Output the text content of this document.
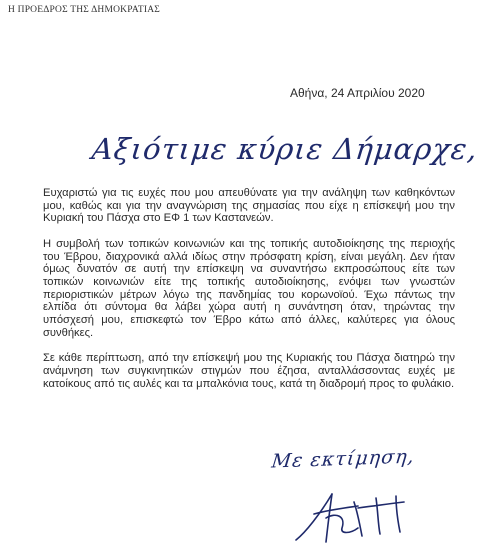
Η ΠΡΟΕΔΡΟΣ ΤΗΣ ΔΗΜΟΚΡΑΤΙΑΣ
Αθήνα, 24 Απριλίου 2020
Αξιότιμε κύριε Δήμαρχε,

Ευχαριστώ για τις ευχές που μου απευθύνατε για την ανάληψη των καθηκόντων μου, καθώς και για την αναγνώριση της σημασίας που είχε η επίσκεψή μου την Κυριακή του Πάσχα στο ΕΦ 1 των Καστανεών.

Η συμβολή των τοπικών κοινωνιών και της τοπικής αυτοδιοίκησης της περιοχής του Έβρου, διαχρονικά αλλά ιδίως στην πρόσφατη κρίση, είναι μεγάλη. Δεν ήταν όμως δυνατόν σε αυτή την επίσκεψη να συναντήσω εκπροσώπους είτε των τοπικών κοινωνιών είτε της τοπικής αυτοδιοίκησης, ενόψει των γνωστών περιοριστικών μέτρων λόγω της πανδημίας του κορωνοϊού. Έχω πάντως την ελπίδα ότι σύντομα θα λάβει χώρα αυτή η συνάντηση όταν, τηρώντας την υπόσχεσή μου, επισκεφτώ τον Έβρο κάτω από άλλες, καλύτερες για όλους συνθήκες.

Σε κάθε περίπτωση, από την επίσκεψή μου της Κυριακής του Πάσχα διατηρώ την ανάμνηση των συγκινητικών στιγμών που έζησα, ανταλλάσσοντας ευχές με κατοίκους από τις αυλές και τα μπαλκόνια τους, κατά τη διαδρομή προς το φυλάκιο.

Με εκτίμηση,
